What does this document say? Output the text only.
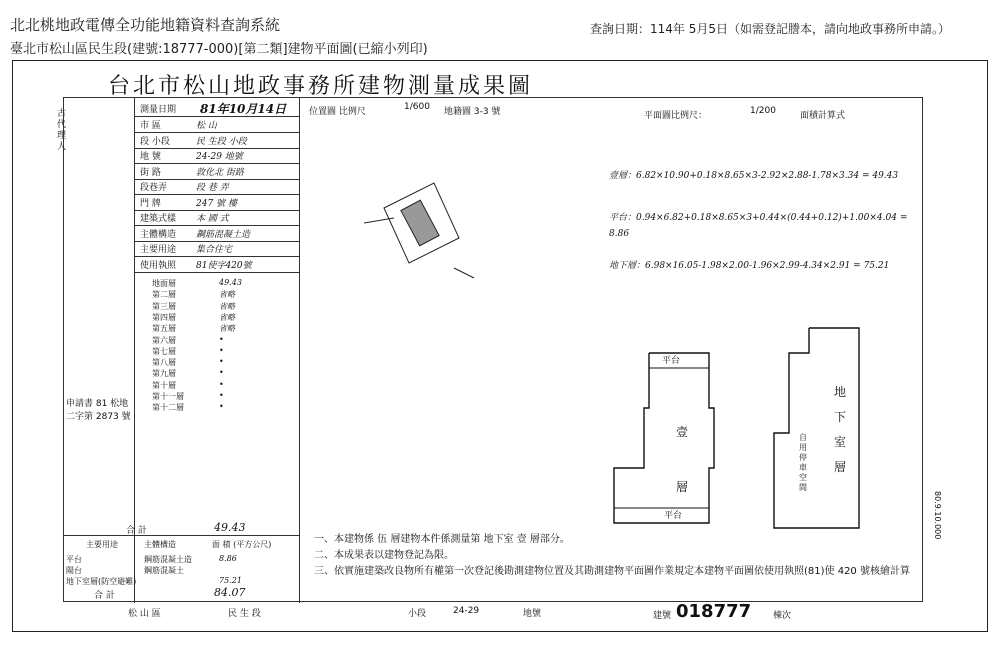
北北桃地政電傳全功能地籍資料查詢系統
臺北市松山區民生段(建號:18777-000)[第二類]建物平面圖(已縮小列印)
查詢日期：114年 5月5日（如需登記謄本，請向地政事務所申請。）
台北市松山地政事務所建物測量成果圖
古代理人
測量日期 81年10月14日
市 區	松 山
段 小段	民 生段 小段
地 號	24-29 地號
街 路	敦化北 街路
段巷弄	段 巷 弄
門 牌	247 號 樓
建築式樣 本 國 式
主體構造 鋼筋混凝土造
主要用途 集合住宅
使用執照 81使字420號
地面層	49.43
第二層	省略
第三層	省略
第四層	省略
第五層	省略
第六層	•
第七層	•
第八層	•
第九層	•
第十層	•
第十一層	•
第十二層	•
申請書 81 松地二字第 2873 號
合 計	49.43
主要用途	主體構造	面 積 (平方公尺)
平台	鋼筋混凝土造	8.86
陽台	鋼筋混凝土
地下室層(防空避難)	75.21
合 計	84.07
位置圖 比例尺	1/600 地籍圖 3-3 號	平面圖比例尺：	1/200	面積計算式
壹層：6.82×10.90+0.18×8.65×3-2.92×2.88-1.78×3.34 = 49.43
平台：0.94×6.82+0.18×8.65×3+0.44×(0.44+0.12)+1.00×4.04 = 8.86
地下層：6.98×16.05-1.98×2.00-1.96×2.99-4.34×2.91 = 75.21
平台
壹
層
平台
地
下
室
層
自用停車空間
一、本建物係 伍 層建物本件係測量第 地下室 壹 層部分。
二、本成果表以建物登記為限。
三、依實施建築改良物所有權第一次登記後勘測建物位置及其勘測建物平面圖作業規定本建物平面圖依使用執照(81)使 420 號核繪計算
松 山 區	民 生 段	小段	24-29	地號	建號 018777 棟次
80.9.10.000
